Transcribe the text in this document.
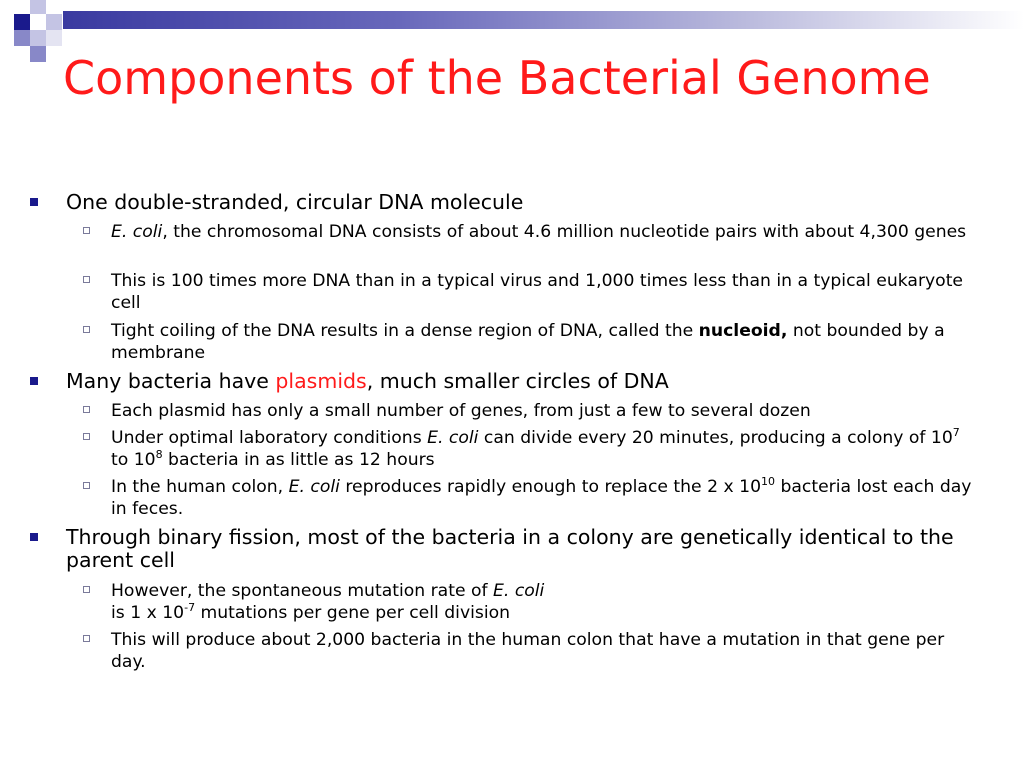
Components of the Bacterial Genome
One double-stranded, circular DNA molecule
E. coli, the chromosomal DNA consists of about 4.6 million nucleotide pairs with about 4,300 genes
This is 100 times more DNA than in a typical virus and 1,000 times less than in a typical eukaryote cell
Tight coiling of the DNA results in a dense region of DNA, called the nucleoid, not bounded by a membrane
Many bacteria have plasmids, much smaller circles of DNA
Each plasmid has only a small number of genes, from just a few to several dozen
Under optimal laboratory conditions E. coli can divide every 20 minutes, producing a colony of $10^7$ to $10^8$ bacteria in as little as 12 hours
In the human colon, E. coli reproduces rapidly enough to replace the 2 x $10^{10}$ bacteria lost each day in feces.
Through binary fission, most of the bacteria in a colony are genetically identical to the parent cell
However, the spontaneous mutation rate of E. coli
is 1 x $10^{-7}$ mutations per gene per cell division
This will produce about 2,000 bacteria in the human colon that have a mutation in that gene per day.
